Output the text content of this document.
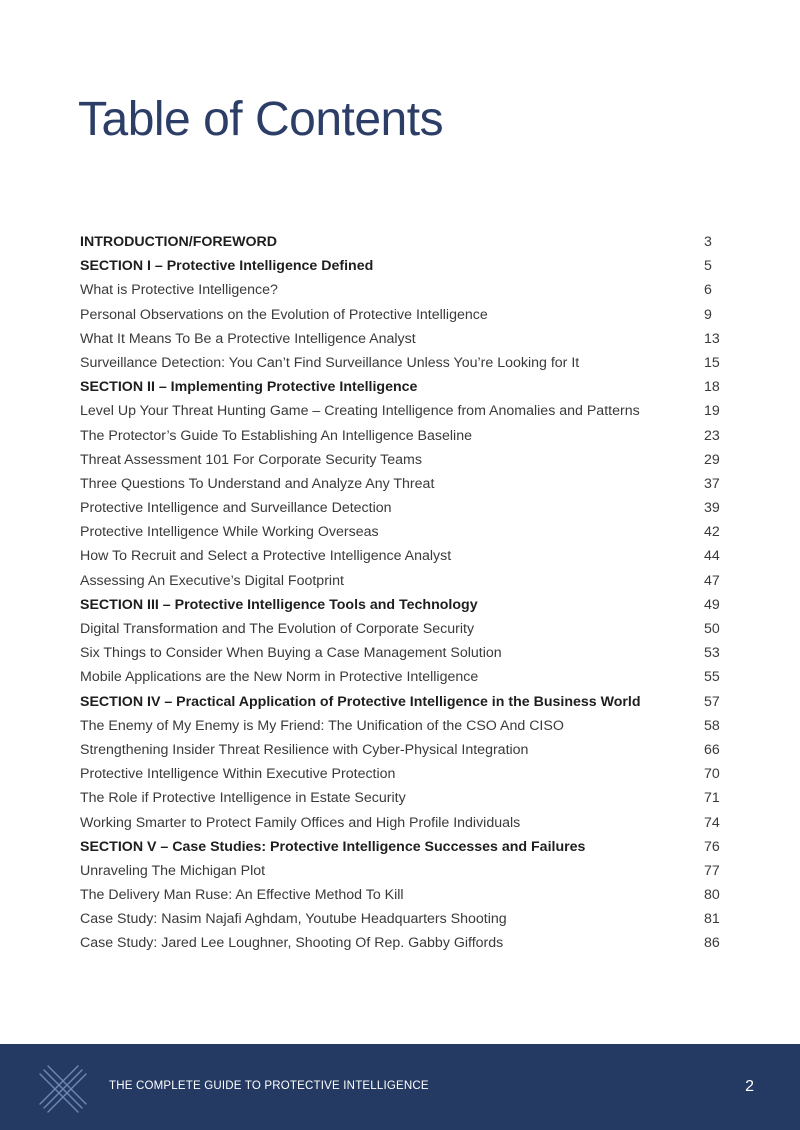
Table of Contents
INTRODUCTION/FOREWORD	3
SECTION I – Protective Intelligence Defined	5
What is Protective Intelligence?	6
Personal Observations on the Evolution of Protective Intelligence	9
What It Means To Be a Protective Intelligence Analyst	13
Surveillance Detection: You Can’t Find Surveillance Unless You’re Looking for It	15
SECTION II – Implementing Protective Intelligence	18
Level Up Your Threat Hunting Game – Creating Intelligence from Anomalies and Patterns	19
The Protector’s Guide To Establishing An Intelligence Baseline	23
Threat Assessment 101 For Corporate Security Teams	29
Three Questions To Understand and Analyze Any Threat	37
Protective Intelligence and Surveillance Detection	39
Protective Intelligence While Working Overseas	42
How To Recruit and Select a Protective Intelligence Analyst	44
Assessing An Executive’s Digital Footprint	47
SECTION III – Protective Intelligence Tools and Technology	49
Digital Transformation and The Evolution of Corporate Security	50
Six Things to Consider When Buying a Case Management Solution	53
Mobile Applications are the New Norm in Protective Intelligence	55
SECTION IV – Practical Application of Protective Intelligence in the Business World	57
The Enemy of My Enemy is My Friend: The Unification of the CSO And CISO	58
Strengthening Insider Threat Resilience with Cyber-Physical Integration	66
Protective Intelligence Within Executive Protection	70
The Role if Protective Intelligence in Estate Security	71
Working Smarter to Protect Family Offices and High Profile Individuals	74
SECTION V – Case Studies: Protective Intelligence Successes and Failures	76
Unraveling The Michigan Plot	77
The Delivery Man Ruse: An Effective Method To Kill	80
Case Study: Nasim Najafi Aghdam, Youtube Headquarters Shooting	81
Case Study: Jared Lee Loughner, Shooting Of Rep. Gabby Giffords	86
THE COMPLETE GUIDE TO PROTECTIVE INTELLIGENCE	2
